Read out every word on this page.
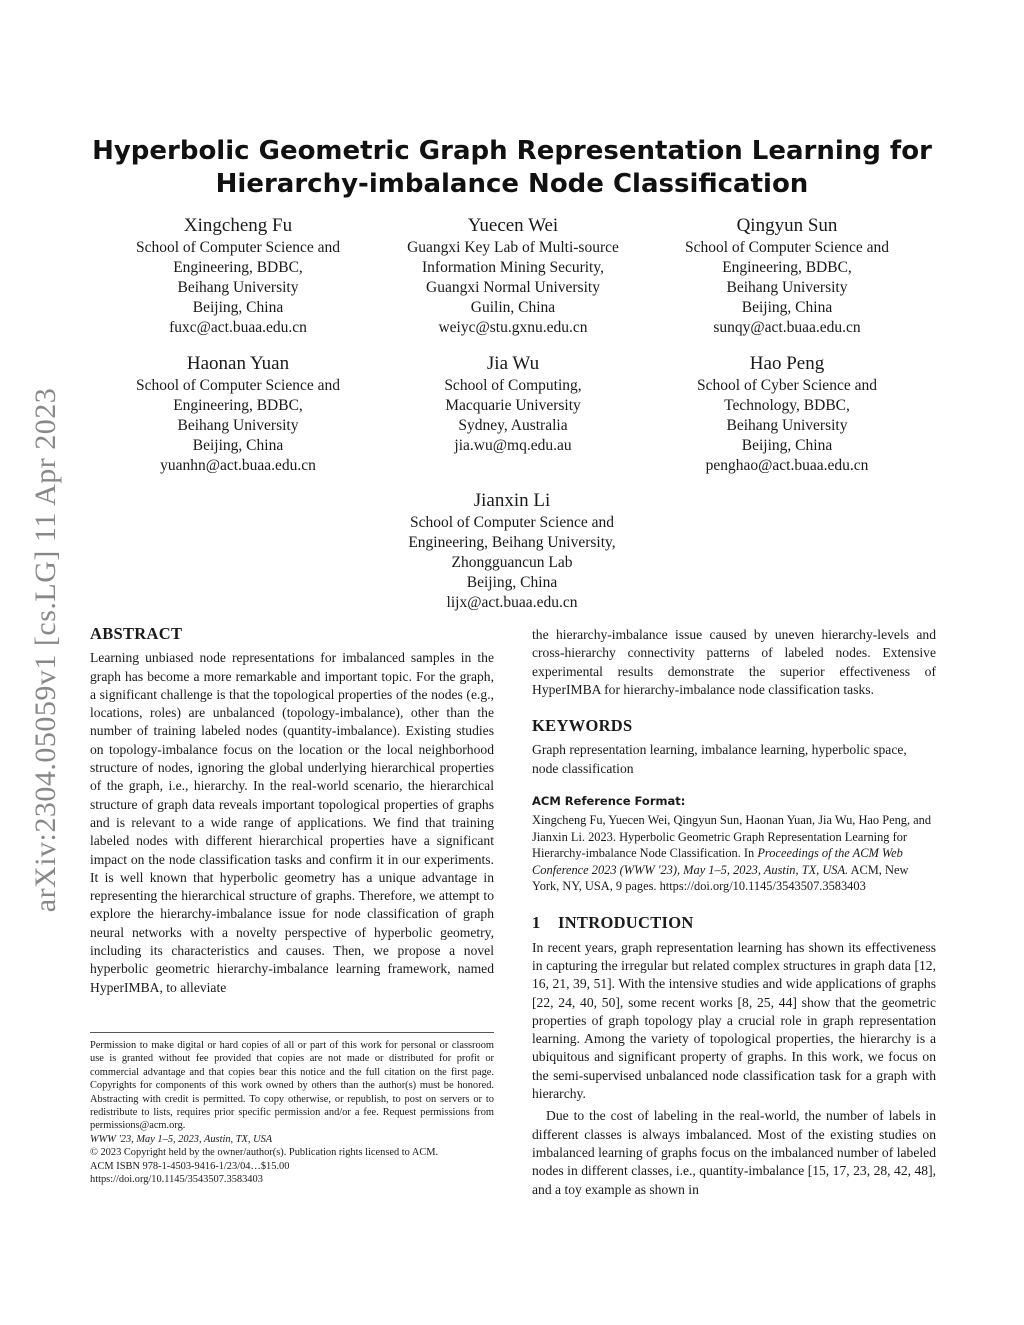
arXiv:2304.05059v1 [cs.LG] 11 Apr 2023
Hyperbolic Geometric Graph Representation Learning for
Hierarchy-imbalance Node Classification
Xingcheng Fu
School of Computer Science and
Engineering, BDBC,
Beihang University
Beijing, China
fuxc@act.buaa.edu.cn
Yuecen Wei
Guangxi Key Lab of Multi-source
Information Mining Security,
Guangxi Normal University
Guilin, China
weiyc@stu.gxnu.edu.cn
Qingyun Sun
School of Computer Science and
Engineering, BDBC,
Beihang University
Beijing, China
sunqy@act.buaa.edu.cn
Haonan Yuan
School of Computer Science and
Engineering, BDBC,
Beihang University
Beijing, China
yuanhn@act.buaa.edu.cn
Jia Wu
School of Computing,
Macquarie University
Sydney, Australia
jia.wu@mq.edu.au
Hao Peng
School of Cyber Science and
Technology, BDBC,
Beihang University
Beijing, China
penghao@act.buaa.edu.cn
Jianxin Li
School of Computer Science and
Engineering, Beihang University,
Zhongguancun Lab
Beijing, China
lijx@act.buaa.edu.cn
ABSTRACT

Learning unbiased node representations for imbalanced samples in the graph has become a more remarkable and important topic. For the graph, a significant challenge is that the topological properties of the nodes (e.g., locations, roles) are unbalanced (topology-imbalance), other than the number of training labeled nodes (quantity-imbalance). Existing studies on topology-imbalance focus on the location or the local neighborhood structure of nodes, ignoring the global underlying hierarchical properties of the graph, i.e., hierarchy. In the real-world scenario, the hierarchical structure of graph data reveals important topological properties of graphs and is relevant to a wide range of applications. We find that training labeled nodes with different hierarchical properties have a significant impact on the node classification tasks and confirm it in our experiments. It is well known that hyperbolic geometry has a unique advantage in representing the hierarchical structure of graphs. Therefore, we attempt to explore the hierarchy-imbalance issue for node classification of graph neural networks with a novelty perspective of hyperbolic geometry, including its characteristics and causes. Then, we propose a novel hyperbolic geometric hierarchy-imbalance learning framework, named HyperIMBA, to alleviate

Permission to make digital or hard copies of all or part of this work for personal or classroom use is granted without fee provided that copies are not made or distributed for profit or commercial advantage and that copies bear this notice and the full citation on the first page. Copyrights for components of this work owned by others than the author(s) must be honored. Abstracting with credit is permitted. To copy otherwise, or republish, to post on servers or to redistribute to lists, requires prior specific permission and/or a fee. Request permissions from permissions@acm.org.

WWW '23, May 1–5, 2023, Austin, TX, USA
© 2023 Copyright held by the owner/author(s). Publication rights licensed to ACM.
ACM ISBN 978-1-4503-9416-1/23/04…$15.00
https://doi.org/10.1145/3543507.3583403

the hierarchy-imbalance issue caused by uneven hierarchy-levels and cross-hierarchy connectivity patterns of labeled nodes. Extensive experimental results demonstrate the superior effectiveness of HyperIMBA for hierarchy-imbalance node classification tasks.

KEYWORDS

Graph representation learning, imbalance learning, hyperbolic space, node classification

ACM Reference Format:

Xingcheng Fu, Yuecen Wei, Qingyun Sun, Haonan Yuan, Jia Wu, Hao Peng, and Jianxin Li. 2023. Hyperbolic Geometric Graph Representation Learning for Hierarchy-imbalance Node Classification. In Proceedings of the ACM Web Conference 2023 (WWW '23), May 1–5, 2023, Austin, TX, USA. ACM, New York, NY, USA, 9 pages. https://doi.org/10.1145/3543507.3583403

1 INTRODUCTION

In recent years, graph representation learning has shown its effectiveness in capturing the irregular but related complex structures in graph data [12, 16, 21, 39, 51]. With the intensive studies and wide applications of graphs [22, 24, 40, 50], some recent works [8, 25, 44] show that the geometric properties of graph topology play a crucial role in graph representation learning. Among the variety of topological properties, the hierarchy is a ubiquitous and significant property of graphs. In this work, we focus on the semi-supervised unbalanced node classification task for a graph with hierarchy.

Due to the cost of labeling in the real-world, the number of labels in different classes is always imbalanced. Most of the existing studies on imbalanced learning of graphs focus on the imbalanced number of labeled nodes in different classes, i.e., quantity-imbalance [15, 17, 23, 28, 42, 48], and a toy example as shown in
